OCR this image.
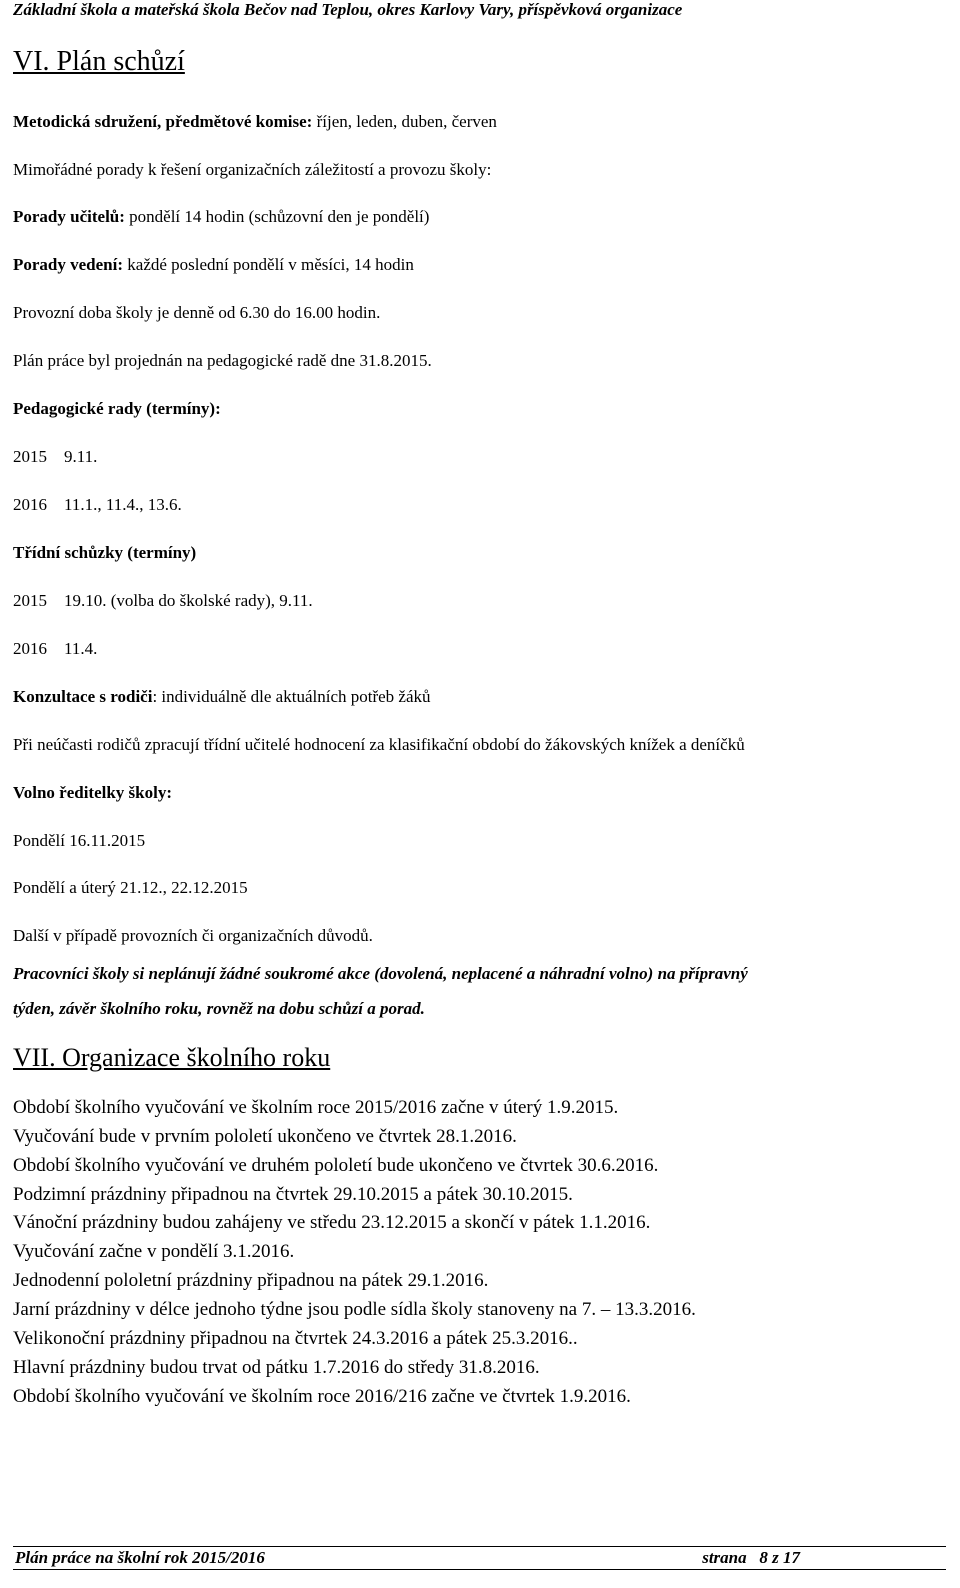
Základní škola a mateřská škola Bečov nad Teplou, okres Karlovy Vary, příspěvková organizace
VI. Plán schůzí
Metodická sdružení, předmětové komise: říjen, leden, duben, červen
Mimořádné porady k řešení organizačních záležitostí a provozu školy:
Porady učitelů: pondělí 14 hodin (schůzovní den je pondělí)
Porady vedení: každé poslední pondělí v měsíci, 14 hodin
Provozní doba školy je denně od 6.30 do 16.00 hodin.
Plán práce byl projednán na pedagogické radě dne 31.8.2015.
Pedagogické rady (termíny):
2015    9.11.
2016    11.1., 11.4., 13.6.
Třídní schůzky (termíny)
2015    19.10. (volba do školské rady), 9.11.
2016    11.4.
Konzultace s rodiči: individuálně dle aktuálních potřeb žáků
Při neúčasti rodičů zpracují třídní učitelé hodnocení za klasifikační období do žákovských knížek a deníčků
Volno ředitelky školy:
Pondělí 16.11.2015
Pondělí a úterý 21.12., 22.12.2015
Další v případě provozních či organizačních důvodů.
Pracovníci školy si neplánují žádné soukromé akce (dovolená, neplacené a náhradní volno) na přípravný
týden, závěr školního roku, rovněž na dobu schůzí a porad.
VII. Organizace školního roku
Období školního vyučování ve školním roce 2015/2016 začne v úterý 1.9.2015.
Vyučování bude v prvním pololetí ukončeno ve čtvrtek 28.1.2016.
Období školního vyučování ve druhém pololetí bude ukončeno ve čtvrtek 30.6.2016.
Podzimní prázdniny připadnou na čtvrtek 29.10.2015 a pátek 30.10.2015.
Vánoční prázdniny budou zahájeny ve středu 23.12.2015 a skončí v pátek 1.1.2016.
Vyučování začne v pondělí 3.1.2016.
Jednodenní pololetní prázdniny připadnou na pátek 29.1.2016.
Jarní prázdniny v délce jednoho týdne jsou podle sídla školy stanoveny na 7. – 13.3.2016.
Velikonoční prázdniny připadnou na čtvrtek 24.3.2016 a pátek 25.3.2016..
Hlavní prázdniny budou trvat od pátku 1.7.2016 do středy 31.8.2016.
Období školního vyučování ve školním roce 2016/216 začne ve čtvrtek 1.9.2016.
Plán práce na školní rok 2015/2016	strana   8 z 17
